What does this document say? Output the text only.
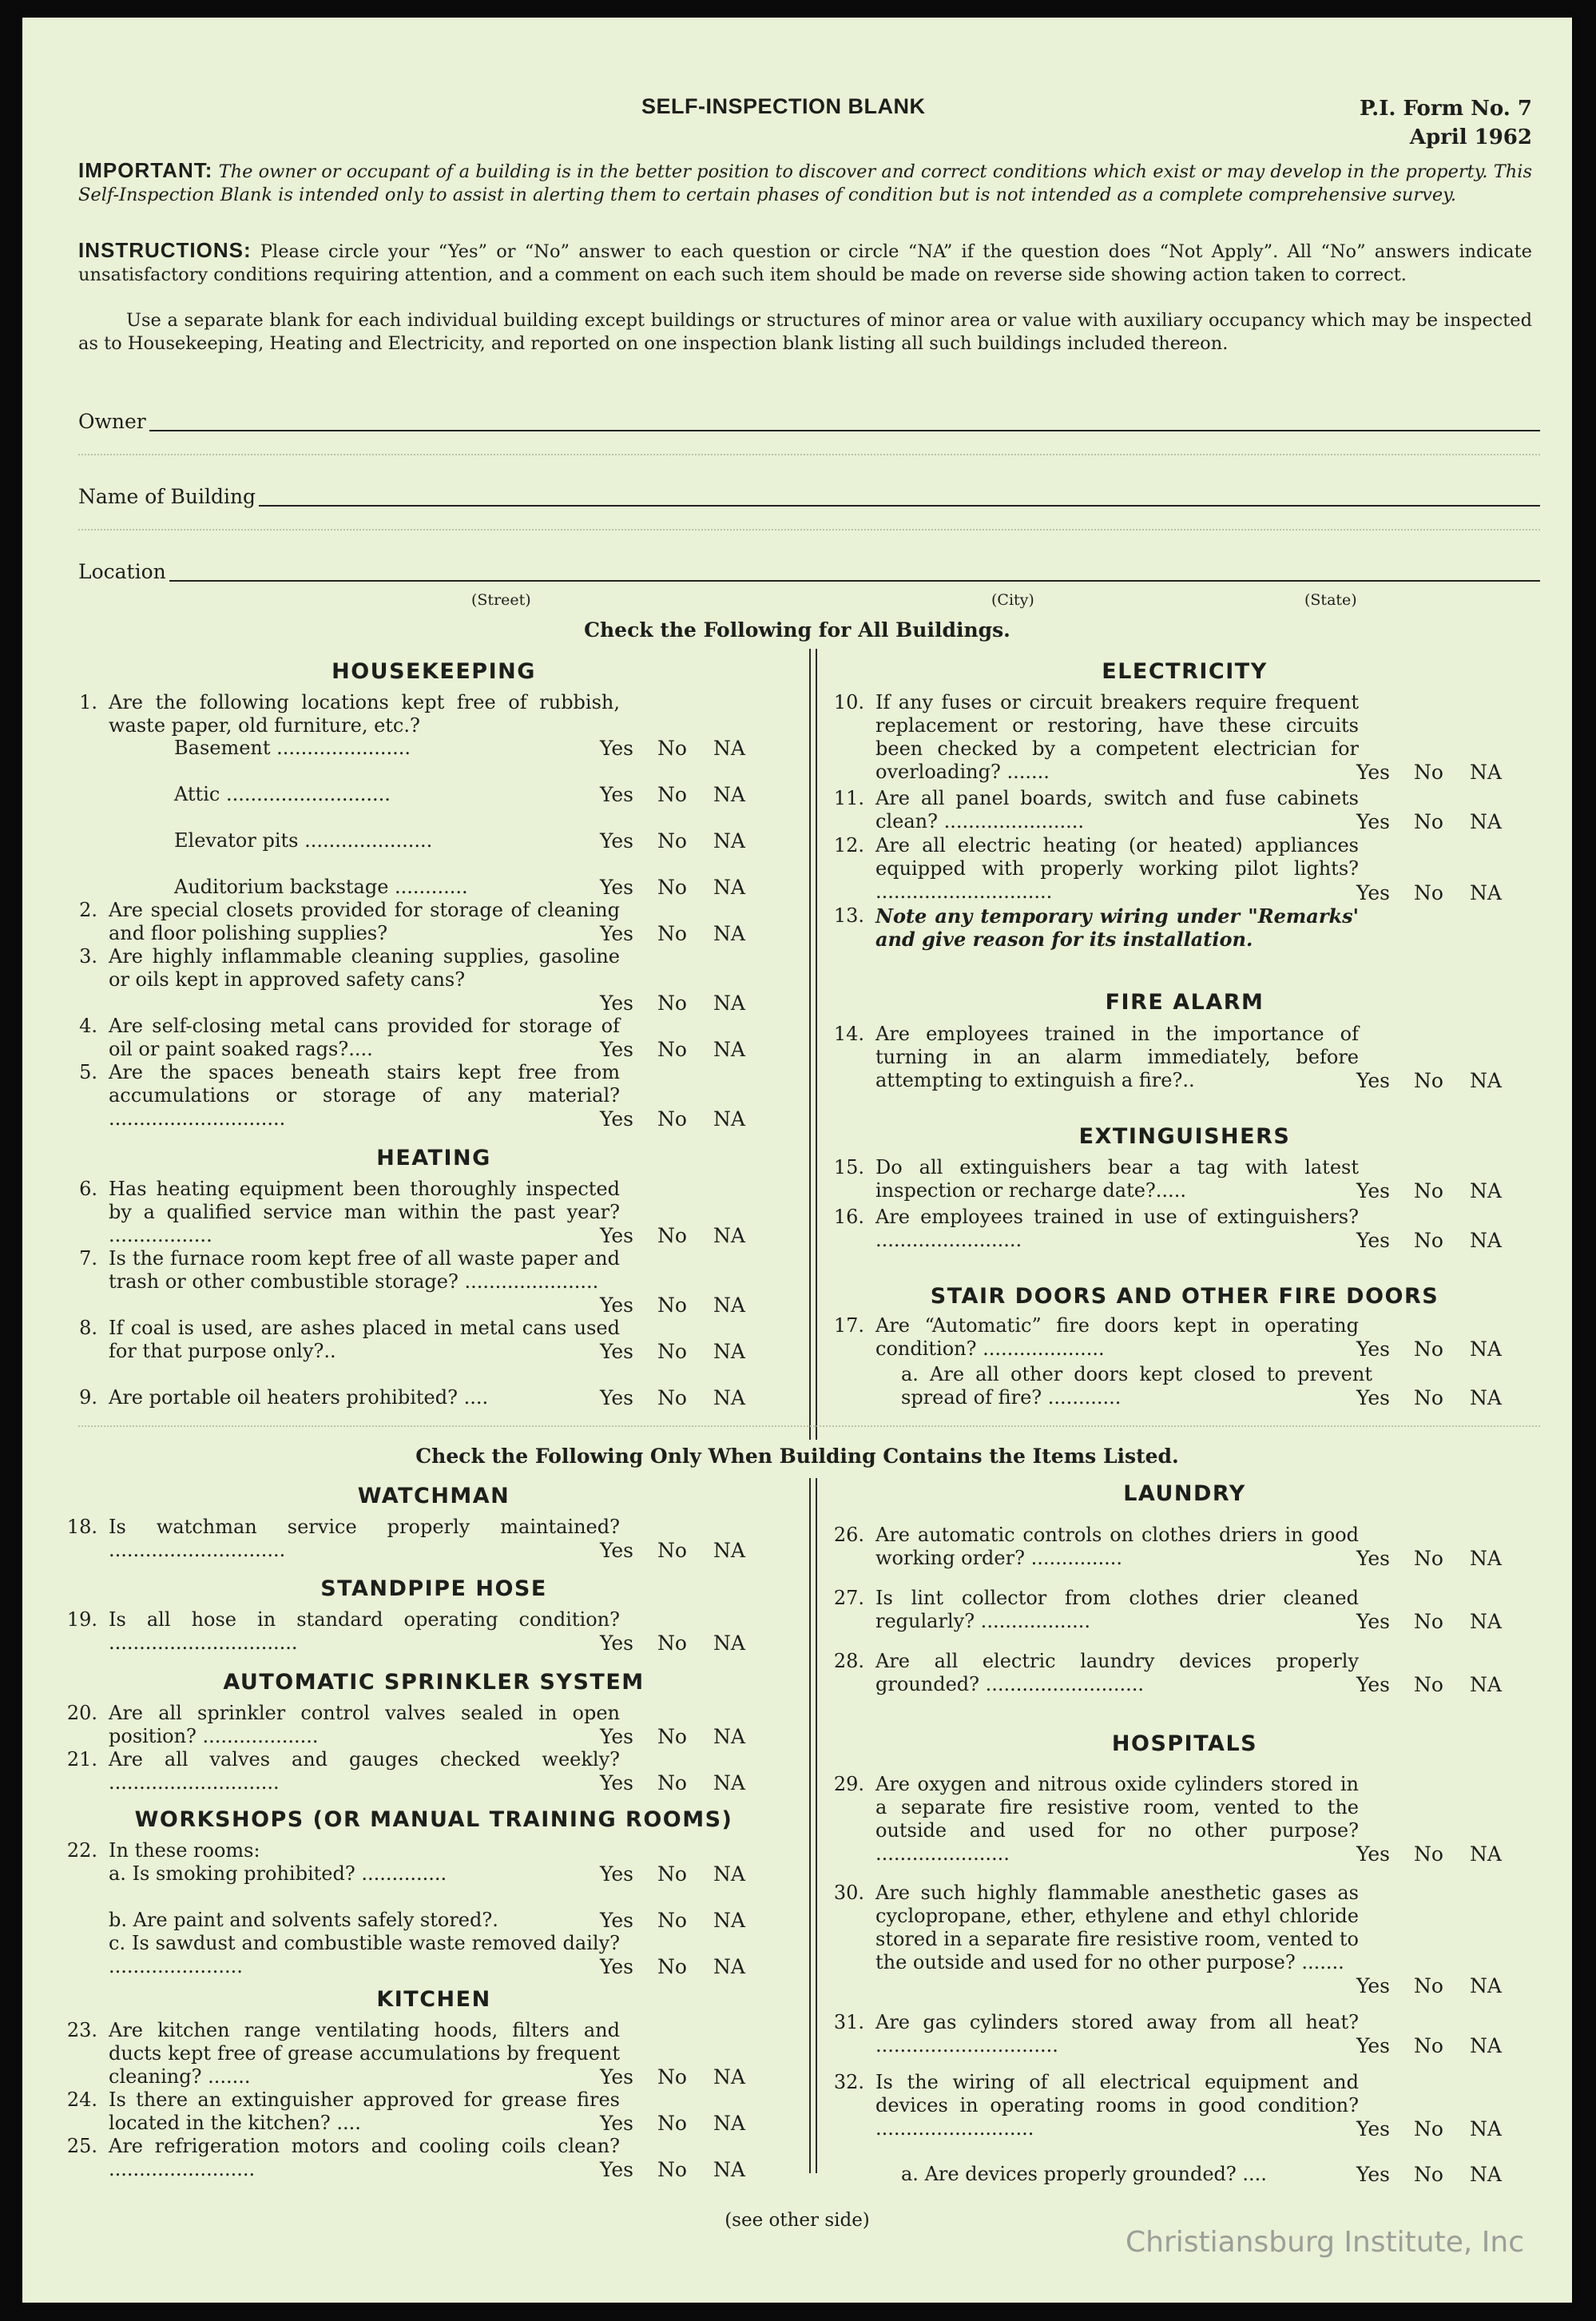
SELF-INSPECTION BLANK	P.I. Form No. 7
April 1962
IMPORTANT: The owner or occupant of a building is in the better position to discover and correct conditions which exist or may develop in the property. This Self-Inspection Blank is intended only to assist in alerting them to certain phases of condition but is not intended as a complete comprehensive survey.
INSTRUCTIONS: Please circle your “Yes” or “No” answer to each question or circle “NA” if the question does “Not Apply”. All “No” answers indicate unsatisfactory conditions requiring attention, and a comment on each such item should be made on reverse side showing action taken to correct.
Use a separate blank for each individual building except buildings or structures of minor area or value with auxiliary occupancy which may be inspected as to Housekeeping, Heating and Electricity, and reported on one inspection blank listing all such buildings included thereon.
Owner
Name of Building
Location
(Street)	(City)	(State)
Check the Following for All Buildings.
HOUSEKEEPING
1. Are the following locations kept free of rubbish, waste paper, old furniture, etc.?
Basement ......................	Yes No NA
Attic ...........................	Yes No NA
Elevator pits .....................	Yes No NA
Auditorium backstage ............	Yes No NA
2. Are special closets provided for storage of cleaning and floor polishing supplies?	Yes No NA
3. Are highly inflammable cleaning supplies, gasoline or oils kept in approved safety cans?
Yes No NA
4. Are self-closing metal cans provided for storage of oil or paint soaked rags?....	Yes No NA
5. Are the spaces beneath stairs kept free from accumulations or storage of any material? .............................	Yes No NA
HEATING
6. Has heating equipment been thoroughly inspected by a qualified service man within the past year? .................	Yes No NA
7. Is the furnace room kept free of all waste paper and trash or other combustible storage? ......................
Yes No NA
8. If coal is used, are ashes placed in metal cans used for that purpose only?..	Yes No NA
9. Are portable oil heaters prohibited? ....	Yes No NA
ELECTRICITY
10. If any fuses or circuit breakers require frequent replacement or restoring, have these circuits been checked by a competent electrician for overloading? .......	Yes No NA
11. Are all panel boards, switch and fuse cabinets clean? .......................	Yes No NA
12. Are all electric heating (or heated) appliances equipped with properly working pilot lights? .............................	Yes No NA
13. Note any temporary wiring under "Remarks' and give reason for its installation.
FIRE ALARM
14. Are employees trained in the importance of turning in an alarm immediately, before attempting to extinguish a fire?..	Yes No NA
EXTINGUISHERS
15. Do all extinguishers bear a tag with latest inspection or recharge date?.....	Yes No NA
16. Are employees trained in use of extinguishers? ........................	Yes No NA
STAIR DOORS AND OTHER FIRE DOORS
17. Are “Automatic” fire doors kept in operating condition? ....................	Yes No NA
a. Are all other doors kept closed to prevent spread of fire? ............	Yes No NA
Check the Following Only When Building Contains the Items Listed.
WATCHMAN
18. Is watchman service properly maintained? .............................	Yes No NA
STANDPIPE HOSE
19. Is all hose in standard operating condition? ...............................	Yes No NA
AUTOMATIC SPRINKLER SYSTEM
20. Are all sprinkler control valves sealed in open position? ...................	Yes No NA
21. Are all valves and gauges checked weekly? ............................	Yes No NA
WORKSHOPS (OR MANUAL TRAINING ROOMS)
22. In these rooms:
a. Is smoking prohibited? ..............	Yes No NA
b. Are paint and solvents safely stored?.	Yes No NA
c. Is sawdust and combustible waste removed daily? ......................	Yes No NA
KITCHEN
23. Are kitchen range ventilating hoods, filters and ducts kept free of grease accumulations by frequent cleaning? .......	Yes No NA
24. Is there an extinguisher approved for grease fires located in the kitchen? ....	Yes No NA
25. Are refrigeration motors and cooling coils clean? ........................	Yes No NA
LAUNDRY
26. Are automatic controls on clothes driers in good working order? ...............	Yes No NA
27. Is lint collector from clothes drier cleaned regularly? ..................	Yes No NA
28. Are all electric laundry devices properly grounded? ..........................	Yes No NA
HOSPITALS
29. Are oxygen and nitrous oxide cylinders stored in a separate fire resistive room, vented to the outside and used for no other purpose? ......................	Yes No NA
30. Are such highly flammable anesthetic gases as cyclopropane, ether, ethylene and ethyl chloride stored in a separate fire resistive room, vented to the outside and used for no other purpose? .......
Yes No NA
31. Are gas cylinders stored away from all heat? ..............................	Yes No NA
32. Is the wiring of all electrical equipment and devices in operating rooms in good condition? ..........................	Yes No NA
a. Are devices properly grounded? ....	Yes No NA
(see other side)
Christiansburg Institute, Inc
